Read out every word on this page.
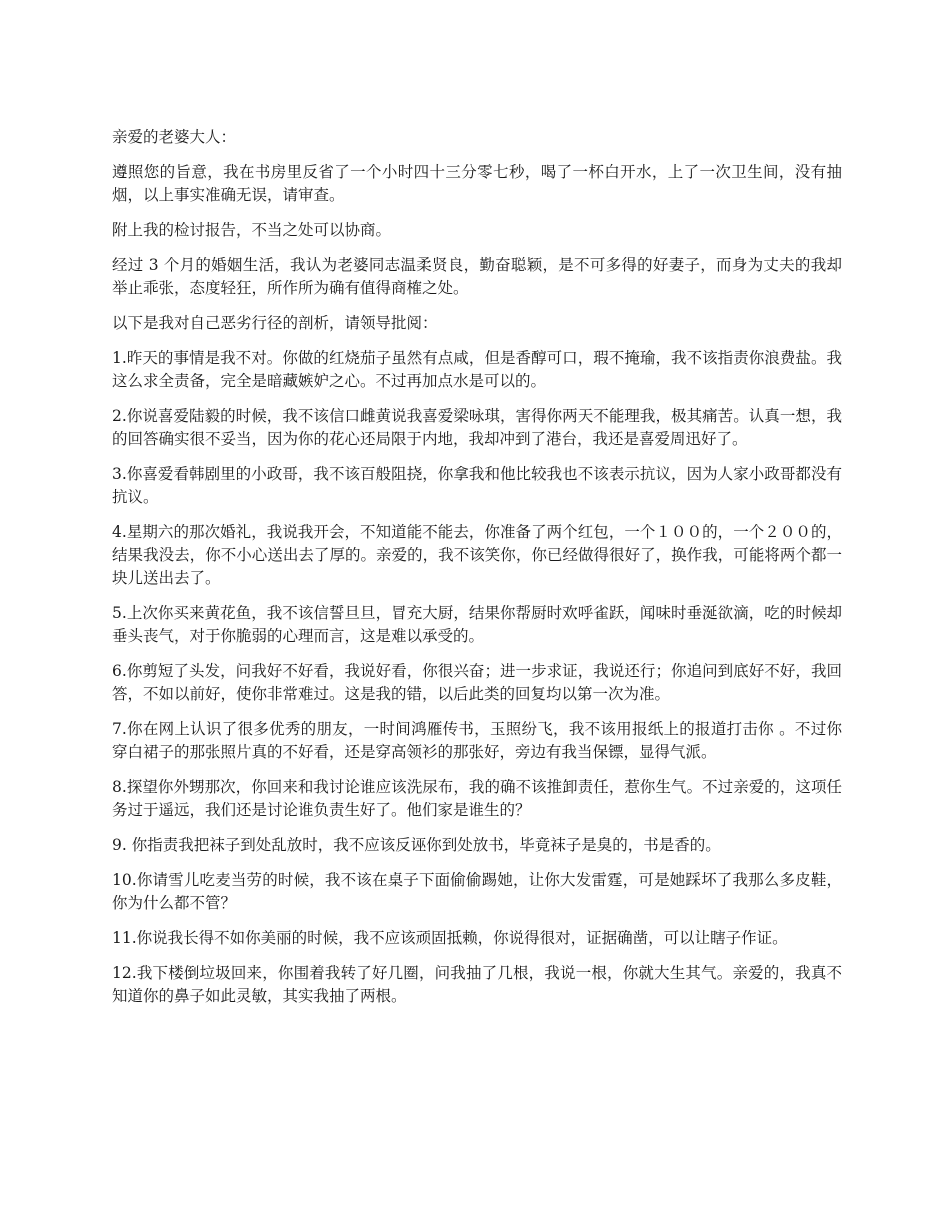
亲爱的老婆大人：

遵照您的旨意，我在书房里反省了一个小时四十三分零七秒，喝了一杯白开水，上了一次卫生间，没有抽烟，以上事实准确无误，请审查。

附上我的检讨报告，不当之处可以协商。

经过 3 个月的婚姻生活，我认为老婆同志温柔贤良，勤奋聪颖，是不可多得的好妻子，而身为丈夫的我却举止乖张，态度轻狂，所作所为确有值得商榷之处。

以下是我对自己恶劣行径的剖析，请领导批阅：

1.昨天的事情是我不对。你做的红烧茄子虽然有点咸，但是香醇可口，瑕不掩瑜，我不该指责你浪费盐。我这么求全责备，完全是暗藏嫉妒之心。不过再加点水是可以的。

2.你说喜爱陆毅的时候，我不该信口雌黄说我喜爱梁咏琪，害得你两天不能理我，极其痛苦。认真一想，我的回答确实很不妥当，因为你的花心还局限于内地，我却冲到了港台，我还是喜爱周迅好了。

3.你喜爱看韩剧里的小政哥，我不该百般阻挠，你拿我和他比较我也不该表示抗议，因为人家小政哥都没有抗议。

4.星期六的那次婚礼，我说我开会，不知道能不能去，你准备了两个红包，一个１００的，一个２００的，结果我没去，你不小心送出去了厚的。亲爱的，我不该笑你，你已经做得很好了，换作我，可能将两个都一块儿送出去了。

5.上次你买来黄花鱼，我不该信誓旦旦，冒充大厨，结果你帮厨时欢呼雀跃，闻味时垂涎欲滴，吃的时候却垂头丧气，对于你脆弱的心理而言，这是难以承受的。

6.你剪短了头发，问我好不好看，我说好看，你很兴奋；进一步求证，我说还行；你追问到底好不好，我回答，不如以前好，使你非常难过。这是我的错，以后此类的回复均以第一次为准。

7.你在网上认识了很多优秀的朋友，一时间鸿雁传书，玉照纷飞，我不该用报纸上的报道打击你 。不过你穿白裙子的那张照片真的不好看，还是穿高领衫的那张好，旁边有我当保镖，显得气派。

8.探望你外甥那次，你回来和我讨论谁应该洗尿布，我的确不该推卸责任，惹你生气。不过亲爱的，这项任务过于遥远，我们还是讨论谁负责生好了。他们家是谁生的？

9. 你指责我把袜子到处乱放时，我不应该反诬你到处放书，毕竟袜子是臭的，书是香的。

10.你请雪儿吃麦当劳的时候，我不该在桌子下面偷偷踢她，让你大发雷霆，可是她踩坏了我那么多皮鞋，你为什么都不管？

11.你说我长得不如你美丽的时候，我不应该顽固抵赖，你说得很对，证据确凿，可以让瞎子作证。

12.我下楼倒垃圾回来，你围着我转了好几圈，问我抽了几根，我说一根，你就大生其气。亲爱的，我真不知道你的鼻子如此灵敏，其实我抽了两根。
